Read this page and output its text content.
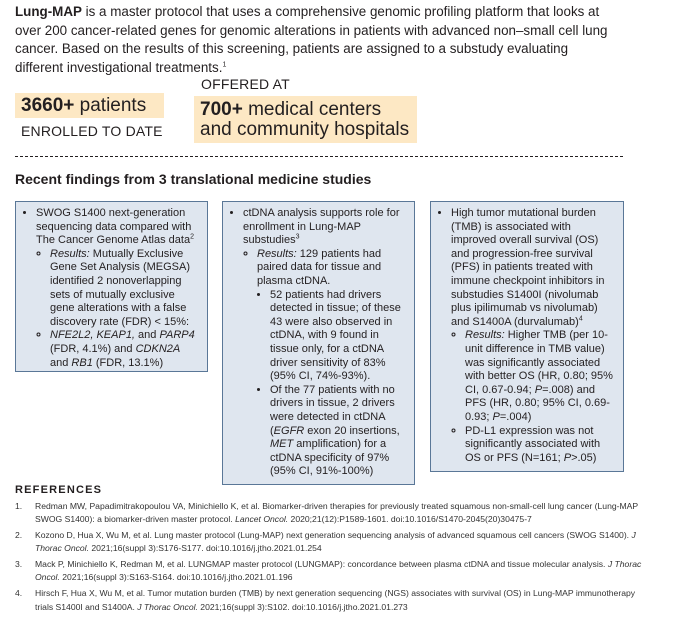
Lung-MAP is a master protocol that uses a comprehensive genomic profiling platform that looks at over 200 cancer-related genes for genomic alterations in patients with advanced non–small cell lung cancer. Based on the results of this screening, patients are assigned to a substudy evaluating different investigational treatments.$^1$

3660+ patients
ENROLLED TO DATE
OFFERED AT
700+ medical centers
and community hospitals
Recent findings from 3 translational medicine studies
• SWOG S1400 next-generation sequencing data compared with The Cancer Genome Atlas data$^2$
◦ Results: Mutually Exclusive Gene Set Analysis (MEGSA) identified 2 nonoverlapping sets of mutually exclusive gene alterations with a false discovery rate (FDR) < 15%:
◦ NFE2L2, KEAP1, and PARP4 (FDR, 4.1%) and CDKN2A and RB1 (FDR, 13.1%)
• ctDNA analysis supports role for enrollment in Lung-MAP substudies$^3$
◦ Results: 129 patients had paired data for tissue and plasma ctDNA.
• 52 patients had drivers detected in tissue; of these 43 were also observed in ctDNA, with 9 found in tissue only, for a ctDNA driver sensitivity of 83% (95% CI, 74%-93%).
• Of the 77 patients with no drivers in tissue, 2 drivers were detected in ctDNA (EGFR exon 20 insertions, MET amplification) for a ctDNA specificity of 97% (95% CI, 91%-100%)
• High tumor mutational burden (TMB) is associated with improved overall survival (OS) and progression-free survival (PFS) in patients treated with immune checkpoint inhibitors in substudies S1400I (nivolumab plus ipilimumab vs nivolumab) and S1400A (durvalumab)$^4$
◦ Results: Higher TMB (per 10-unit difference in TMB value) was significantly associated with better OS (HR, 0.80; 95% CI, 0.67-0.94; P=.008) and PFS (HR, 0.80; 95% CI, 0.69-0.93; P=.004)
◦ PD-L1 expression was not significantly associated with OS or PFS (N=161; P>.05)
REFERENCES
1. Redman MW, Papadimitrakopoulou VA, Minichiello K, et al. Biomarker-driven therapies for previously treated squamous non-small-cell lung cancer (Lung-MAP SWOG S1400): a biomarker-driven master protocol. Lancet Oncol. 2020;21(12):P1589-1601. doi:10.1016/S1470-2045(20)30475-7
2. Kozono D, Hua X, Wu M, et al. Lung master protocol (Lung-MAP) next generation sequencing analysis of advanced squamous cell cancers (SWOG S1400). J Thorac Oncol. 2021;16(suppl 3):S176-S177. doi:10.1016/j.jtho.2021.01.254
3. Mack P, Minichiello K, Redman M, et al. LUNGMAP master protocol (LUNGMAP): concordance between plasma ctDNA and tissue molecular analysis. J Thorac Oncol. 2021;16(suppl 3):S163-S164. doi:10.1016/j.jtho.2021.01.196
4. Hirsch F, Hua X, Wu M, et al. Tumor mutation burden (TMB) by next generation sequencing (NGS) associates with survival (OS) in Lung-MAP immunotherapy trials S1400I and S1400A. J Thorac Oncol. 2021;16(suppl 3):S102. doi:10.1016/j.jtho.2021.01.273
